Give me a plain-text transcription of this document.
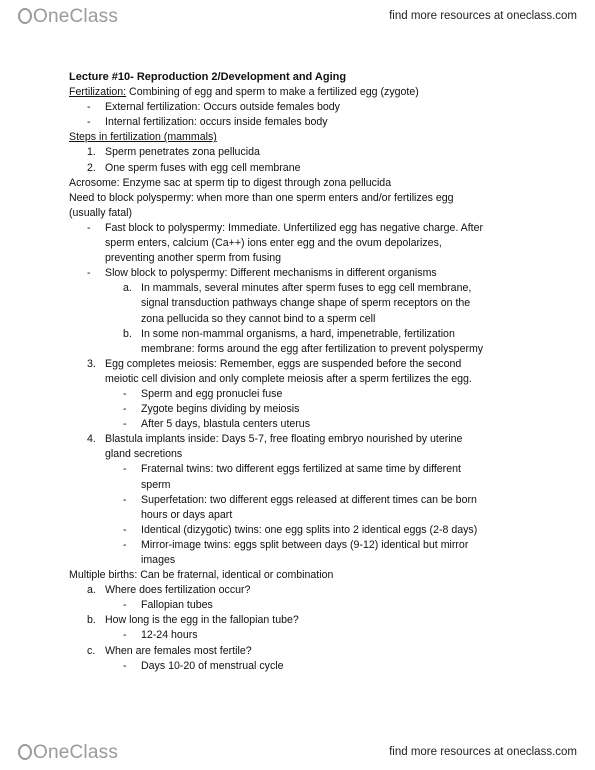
OneClass	find more resources at oneclass.com
Lecture #10- Reproduction 2/Development and Aging
Fertilization: Combining of egg and sperm to make a fertilized egg (zygote)
- External fertilization: Occurs outside females body
- Internal fertilization: occurs inside females body
Steps in fertilization (mammals)
1. Sperm penetrates zona pellucida
2. One sperm fuses with egg cell membrane
Acrosome: Enzyme sac at sperm tip to digest through zona pellucida
Need to block polyspermy: when more than one sperm enters and/or fertilizes egg
(usually fatal)
- Fast block to polyspermy: Immediate. Unfertilized egg has negative charge. After
sperm enters, calcium (Ca++) ions enter egg and the ovum depolarizes,
preventing another sperm from fusing
- Slow block to polyspermy: Different mechanisms in different organisms
a. In mammals, several minutes after sperm fuses to egg cell membrane,
signal transduction pathways change shape of sperm receptors on the
zona pellucida so they cannot bind to a sperm cell
b. In some non-mammal organisms, a hard, impenetrable, fertilization
membrane: forms around the egg after fertilization to prevent polyspermy
3. Egg completes meiosis: Remember, eggs are suspended before the second
meiotic cell division and only complete meiosis after a sperm fertilizes the egg.
- Sperm and egg pronuclei fuse
- Zygote begins dividing by meiosis
- After 5 days, blastula centers uterus
4. Blastula implants inside: Days 5-7, free floating embryo nourished by uterine
gland secretions
- Fraternal twins: two different eggs fertilized at same time by different
sperm
- Superfetation: two different eggs released at different times can be born
hours or days apart
- Identical (dizygotic) twins: one egg splits into 2 identical eggs (2-8 days)
- Mirror-image twins: eggs split between days (9-12) identical but mirror
images
Multiple births: Can be fraternal, identical or combination
a. Where does fertilization occur?
- Fallopian tubes
b. How long is the egg in the fallopian tube?
- 12-24 hours
c. When are females most fertile?
- Days 10-20 of menstrual cycle
OneClass	find more resources at oneclass.com
